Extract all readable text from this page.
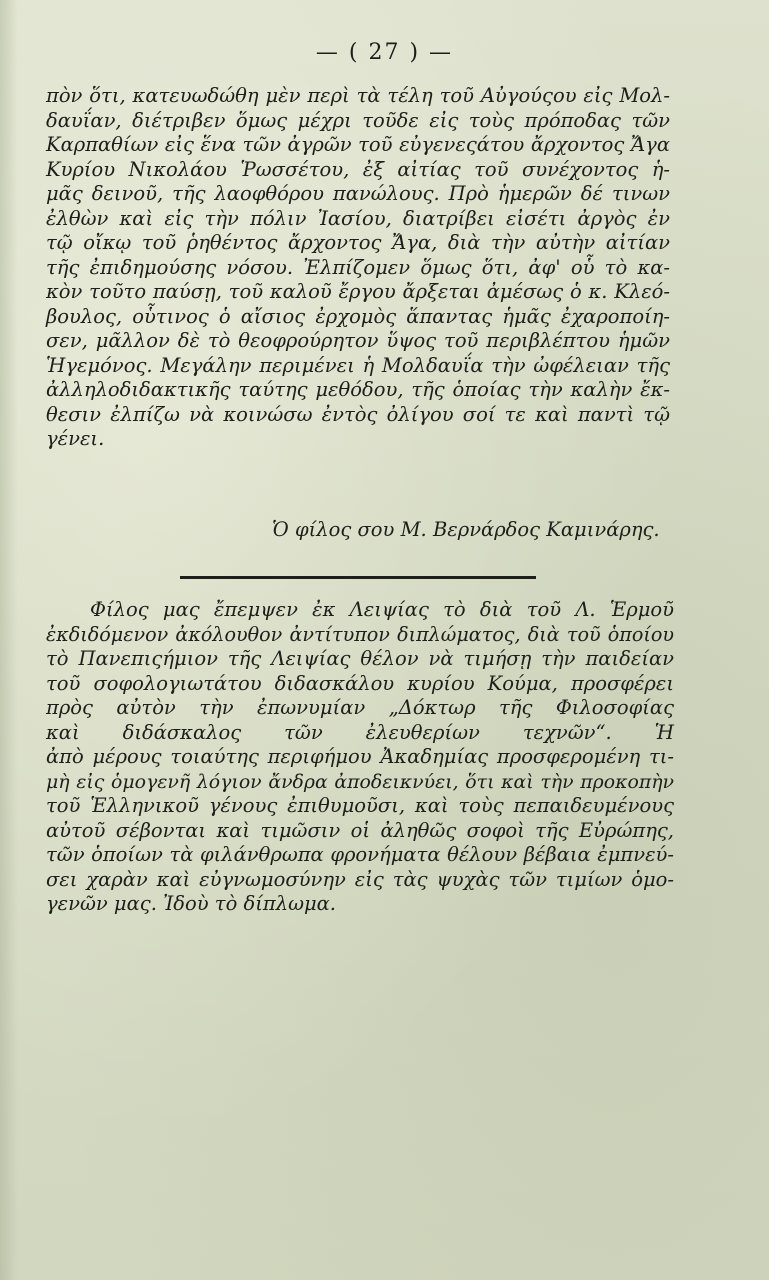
— ( 27 ) —
πὸν ὅτι, κατευωδώθη μὲν περὶ τὰ τέλη τοῦ Αὐγούςου εἰς Μολ-
δαυΐαν, διέτριβεν ὅμως μέχρι τοῦδε εἰς τοὺς πρόποδας τῶν
Καρπαθίων εἰς ἕνα τῶν ἀγρῶν τοῦ εὐγενεςάτου ἄρχοντος Ἄγα
Κυρίου Νικολάου Ῥωσσέτου, ἐξ αἰτίας τοῦ συνέχοντος ἡ-
μᾶς δεινοῦ, τῆς λαοφθόρου πανώλους. Πρὸ ἡμερῶν δέ τινων
ἐλθὼν καὶ εἰς τὴν πόλιν Ἰασίου, διατρίβει εἰσέτι ἀργὸς ἐν
τῷ οἴκῳ τοῦ ῥηθέντος ἄρχοντος Ἄγα, διὰ τὴν αὐτὴν αἰτίαν
τῆς ἐπιδημούσης νόσου. Ἐλπίζομεν ὅμως ὅτι, ἀφ' οὗ τὸ κα-
κὸν τοῦτο παύσῃ, τοῦ καλοῦ ἔργου ἄρξεται ἀμέσως ὁ κ. Κλεό-
βουλος, οὗτινος ὁ αἴσιος ἐρχομὸς ἅπαντας ἡμᾶς ἐχαροποίη-
σεν, μᾶλλον δὲ τὸ θεοφρούρητον ὕψος τοῦ περιβλέπτου ἡμῶν
Ἡγεμόνος. Μεγάλην περιμένει ἡ Μολδαυΐα τὴν ὠφέλειαν τῆς
ἀλληλοδιδακτικῆς ταύτης μεθόδου, τῆς ὁποίας τὴν καλὴν ἔκ-
θεσιν ἐλπίζω νὰ κοινώσω ἐντὸς ὀλίγου σοί τε καὶ παντὶ τῷ
γένει.
Ὁ φίλος σου Μ. Βερνάρδος Καμινάρης.
Φίλος μας ἔπεμψεν ἐκ Λειψίας τὸ διὰ τοῦ Λ. Ἑρμοῦ
ἐκδιδόμενον ἀκόλουθον ἀντίτυπον διπλώματος, διὰ τοῦ ὁποίου
τὸ Πανεπιςήμιον τῆς Λειψίας θέλον νὰ τιμήσῃ τὴν παιδείαν
τοῦ σοφολογιωτάτου διδασκάλου κυρίου Κούμα, προσφέρει
πρὸς αὐτὸν τὴν ἐπωνυμίαν „Δόκτωρ τῆς Φιλοσοφίας
καὶ διδάσκαλος τῶν ἐλευθερίων τεχνῶν“. Ἡ
ἀπὸ μέρους τοιαύτης περιφήμου Ἀκαδημίας προσφερομένη τι-
μὴ εἰς ὁμογενῆ λόγιον ἄνδρα ἀποδεικνύει, ὅτι καὶ τὴν προκοπὴν
τοῦ Ἑλληνικοῦ γένους ἐπιθυμοῦσι, καὶ τοὺς πεπαιδευμένους
αὐτοῦ σέβονται καὶ τιμῶσιν οἱ ἀληθῶς σοφοὶ τῆς Εὐρώπης,
τῶν ὁποίων τὰ φιλάνθρωπα φρονήματα θέλουν βέβαια ἐμπνεύ-
σει χαρὰν καὶ εὐγνωμοσύνην εἰς τὰς ψυχὰς τῶν τιμίων ὁμο-
γενῶν μας. Ἰδοὺ τὸ δίπλωμα.
